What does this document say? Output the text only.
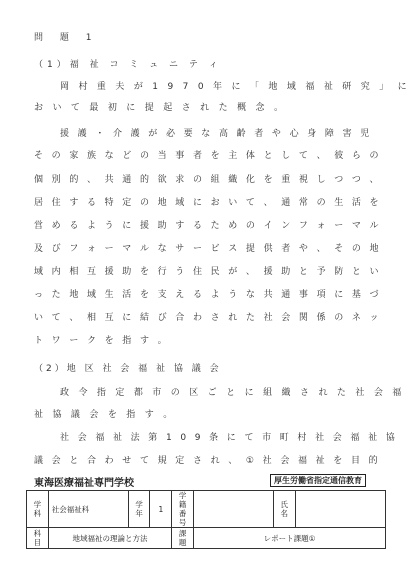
問 題 1
（1）福 祉 コ ミ ュ ニ テ ィ
岡 村 重 夫 が 1 9 7 0 年 に 「 地 域 福 祉 研 究 」 に
お い て 最 初 に 提 起 さ れ た 概 念 。
援 護 ・ 介 護 が 必 要 な 高 齢 者 や 心 身 障 害 児
そ の 家 族 な ど の 当 事 者 を 主 体 と し て 、 彼 ら の
個 別 的 、 共 通 的 欲 求 の 組 織 化 を 重 視 し つ つ 、
居 住 す る 特 定 の 地 域 に お い て 、 通 常 の 生 活 を
営 め る よ う に 援 助 す る た め の イ ン フ ォ ー マ ル
及 び フ ォ ー マ ル な サ ー ビ ス 提 供 者 や 、 そ の 地
域 内 相 互 援 助 を 行 う 住 民 が 、 援 助 と 予 防 と い
っ た 地 域 生 活 を 支 え る よ う な 共 通 事 項 に 基 づ
い て 、 相 互 に 結 び 合 わ さ れ た 社 会 関 係 の ネ ッ
ト ワ ー ク を 指 す 。
（2）地 区 社 会 福 祉 協 議 会
政 令 指 定 都 市 の 区 ご と に 組 織 さ れ た 社 会 福
祉 協 議 会 を 指 す 。
社 会 福 祉 法 第 1 0 9 条 に て 市 町 村 社 会 福 祉 協
議 会 と 合 わ せ て 規 定 さ れ 、 ① 社 会 福 祉 を 目 的
東海医療福祉専門学校	厚生労働省指定通信教育
学科	社会福祉科	学年	1	学籍番号		氏名	
科目	地域福祉の理論と方法			課題	レポート課題①		
